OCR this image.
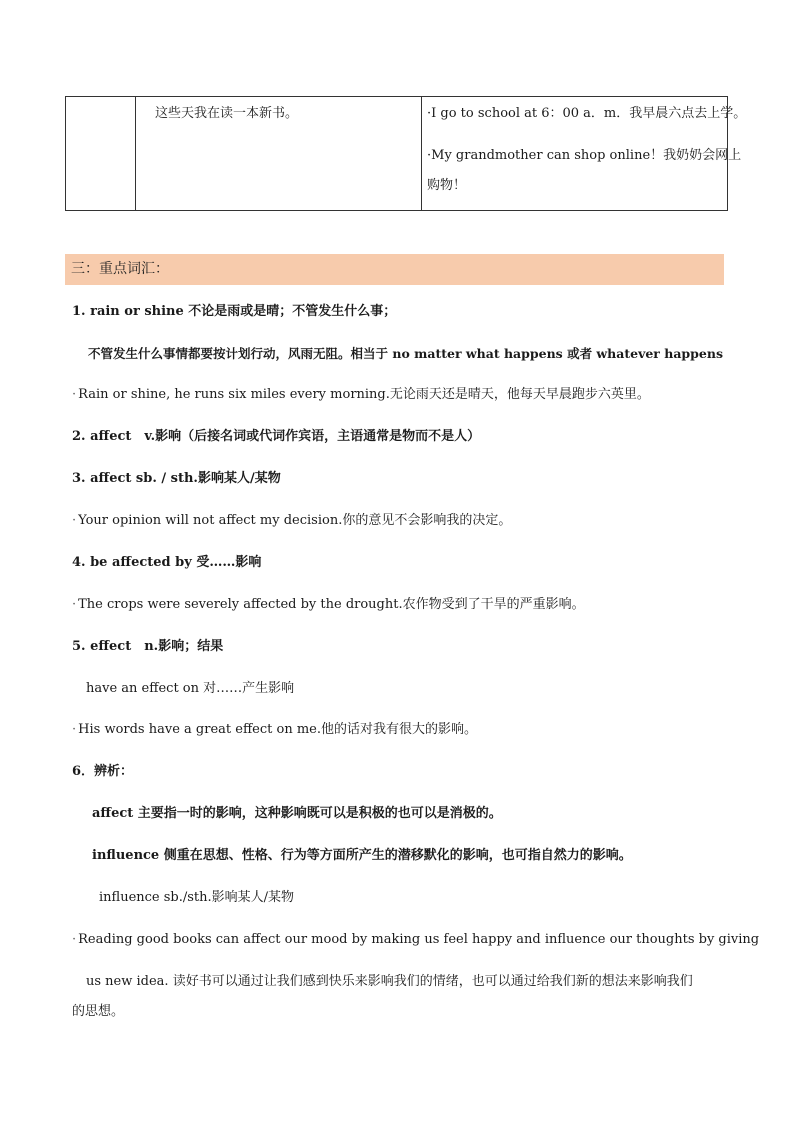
这些天我在读一本新书。	·I go to school at 6：00 a．m．我早晨六点去上学。
·My grandmother can shop online！我奶奶会网上
购物！
三：重点词汇：
1. rain or shine 不论是雨或是晴；不管发生什么事；
不管发生什么事情都要按计划行动，风雨无阻。相当于 no matter what happens 或者 whatever happens
· Rain or shine, he runs six miles every morning.无论雨天还是晴天，他每天早晨跑步六英里。
2. affect　v.影响（后接名词或代词作宾语，主语通常是物而不是人）
3. affect sb. / sth.影响某人/某物
· Your opinion will not affect my decision.你的意见不会影响我的决定。
4. be affected by 受……影响
· The crops were severely affected by the drought.农作物受到了干旱的严重影响。
5. effect　n.影响；结果
have an effect on 对……产生影响
· His words have a great effect on me.他的话对我有很大的影响。
6．辨析：
affect 主要指一时的影响，这种影响既可以是积极的也可以是消极的。
influence 侧重在思想、性格、行为等方面所产生的潜移默化的影响，也可指自然力的影响。
influence sb./sth.影响某人/某物
· Reading good books can affect our mood by making us feel happy and influence our thoughts by giving
us new idea. 读好书可以通过让我们感到快乐来影响我们的情绪，也可以通过给我们新的想法来影响我们
的思想。
